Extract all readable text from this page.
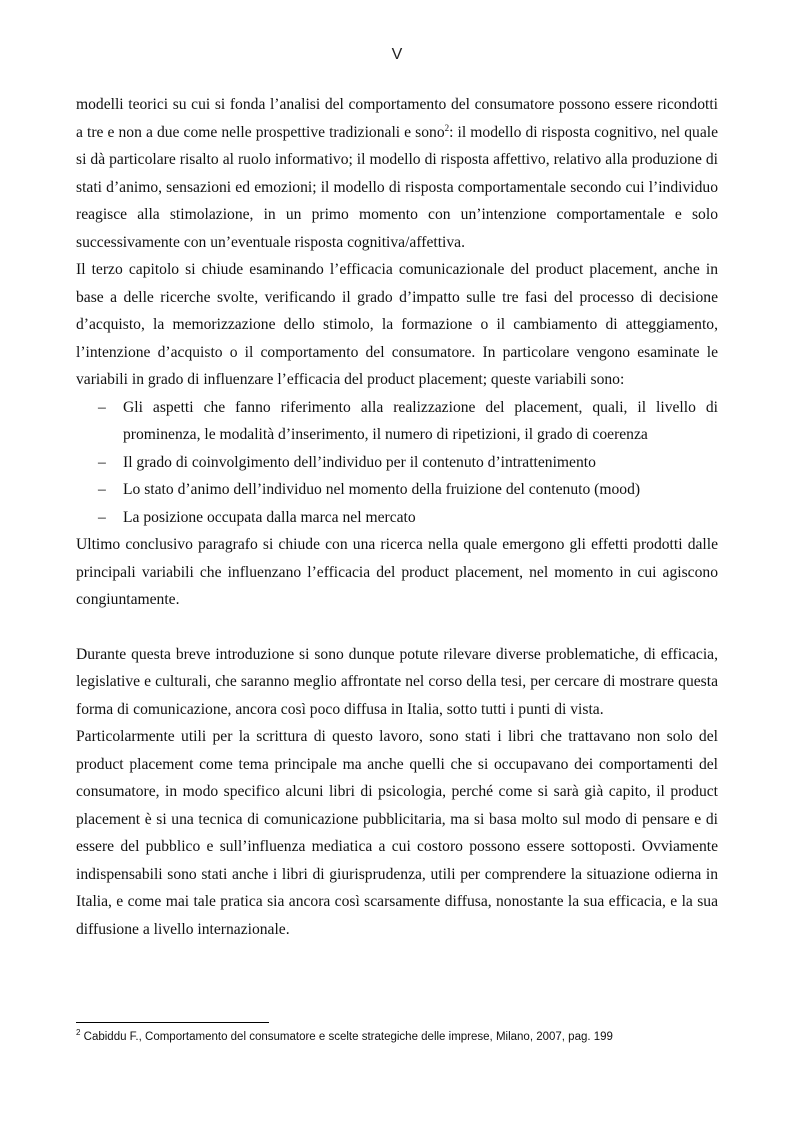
V

modelli teorici su cui si fonda l’analisi del comportamento del consumatore possono essere ricondotti a tre e non a due come nelle prospettive tradizionali e sono$^2$: il modello di risposta cognitivo, nel quale si dà particolare risalto al ruolo informativo; il modello di risposta affettivo, relativo alla produzione di stati d’animo, sensazioni ed emozioni; il modello di risposta comportamentale secondo cui l’individuo reagisce alla stimolazione, in un primo momento con un’intenzione comportamentale e solo successivamente con un’eventuale risposta cognitiva/affettiva.

Il terzo capitolo si chiude esaminando l’efficacia comunicazionale del product placement, anche in base a delle ricerche svolte, verificando il grado d’impatto sulle tre fasi del processo di decisione d’acquisto, la memorizzazione dello stimolo, la formazione o il cambiamento di atteggiamento, l’intenzione d’acquisto o il comportamento del consumatore. In particolare vengono esaminate le variabili in grado di influenzare l’efficacia del product placement; queste variabili sono:

– Gli aspetti che fanno riferimento alla realizzazione del placement, quali, il livello di prominenza, le modalità d’inserimento, il numero di ripetizioni, il grado di coerenza
– Il grado di coinvolgimento dell’individuo per il contenuto d’intrattenimento
– Lo stato d’animo dell’individuo nel momento della fruizione del contenuto (mood)
– La posizione occupata dalla marca nel mercato

Ultimo conclusivo paragrafo si chiude con una ricerca nella quale emergono gli effetti prodotti dalle principali variabili che influenzano l’efficacia del product placement, nel momento in cui agiscono congiuntamente.

Durante questa breve introduzione si sono dunque potute rilevare diverse problematiche, di efficacia, legislative e culturali, che saranno meglio affrontate nel corso della tesi, per cercare di mostrare questa forma di comunicazione, ancora così poco diffusa in Italia, sotto tutti i punti di vista.

Particolarmente utili per la scrittura di questo lavoro, sono stati i libri che trattavano non solo del product placement come tema principale ma anche quelli che si occupavano dei comportamenti del consumatore, in modo specifico alcuni libri di psicologia, perché come si sarà già capito, il product placement è si una tecnica di comunicazione pubblicitaria, ma si basa molto sul modo di pensare e di essere del pubblico e sull’influenza mediatica a cui costoro possono essere sottoposti. Ovviamente indispensabili sono stati anche i libri di giurisprudenza, utili per comprendere la situazione odierna in Italia, e come mai tale pratica sia ancora così scarsamente diffusa, nonostante la sua efficacia, e la sua diffusione a livello internazionale.

$^2$ Cabiddu F., Comportamento del consumatore e scelte strategiche delle imprese, Milano, 2007, pag. 199
